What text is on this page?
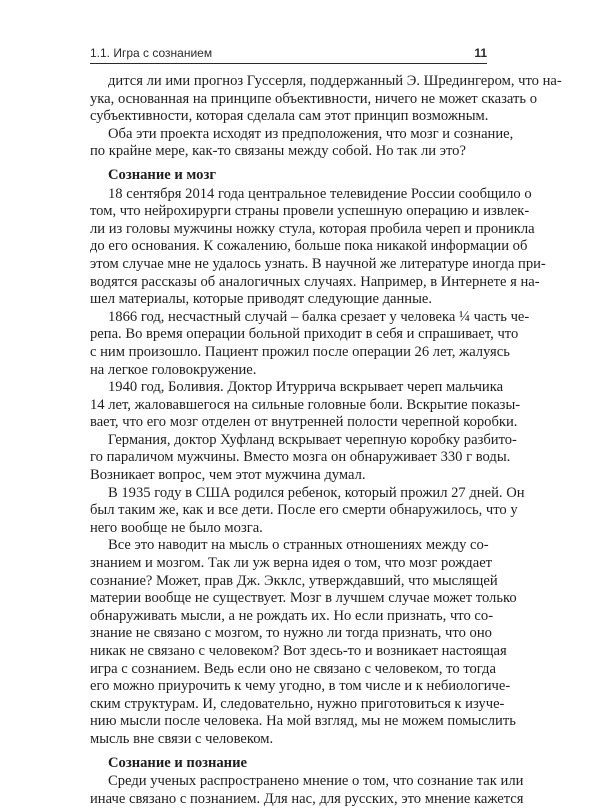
1.1. Игра с сознанием	11
дится ли ими прогноз Гуссерля, поддержанный Э. Шредингером, что на-
ука, основанная на принципе объективности, ничего не может сказать о
субъективности, которая сделала сам этот принцип возможным.
Оба эти проекта исходят из предположения, что мозг и сознание,
по крайне мере, как-то связаны между собой. Но так ли это?
Сознание и мозг
18 сентября 2014 года центральное телевидение России сообщило о
том, что нейрохирурги страны провели успешную операцию и извлек-
ли из головы мужчины ножку стула, которая пробила череп и проникла
до его основания. К сожалению, больше пока никакой информации об
этом случае мне не удалось узнать. В научной же литературе иногда при-
водятся рассказы об аналогичных случаях. Например, в Интернете я на-
шел материалы, которые приводят следующие данные.
1866 год, несчастный случай – балка срезает у человека ¼ часть че-
репа. Во время операции больной приходит в себя и спрашивает, что
с ним произошло. Пациент прожил после операции 26 лет, жалуясь
на легкое головокружение.
1940 год, Боливия. Доктор Итуррича вскрывает череп мальчика
14 лет, жаловавшегося на сильные головные боли. Вскрытие показы-
вает, что его мозг отделен от внутренней полости черепной коробки.
Германия, доктор Хуфланд вскрывает черепную коробку разбито-
го параличом мужчины. Вместо мозга он обнаруживает 330 г воды.
Возникает вопрос, чем этот мужчина думал.
В 1935 году в США родился ребенок, который прожил 27 дней. Он
был таким же, как и все дети. После его смерти обнаружилось, что у
него вообще не было мозга.
Все это наводит на мысль о странных отношениях между со-
знанием и мозгом. Так ли уж верна идея о том, что мозг рождает
сознание? Может, прав Дж. Экклс, утверждавший, что мыслящей
материи вообще не существует. Мозг в лучшем случае может только
обнаруживать мысли, а не рождать их. Но если признать, что со-
знание не связано с мозгом, то нужно ли тогда признать, что оно
никак не связано с человеком? Вот здесь-то и возникает настоящая
игра с сознанием. Ведь если оно не связано с человеком, то тогда
его можно приурочить к чему угодно, в том числе и к небиологиче-
ским структурам. И, следовательно, нужно приготовиться к изучe-
нию мысли после человека. На мой взгляд, мы не можем помыслить
мысль вне связи с человеком.
Сознание и познание
Среди ученых распространено мнение о том, что сознание так или
иначе связано с познанием. Для нас, для русских, это мнение кажется
